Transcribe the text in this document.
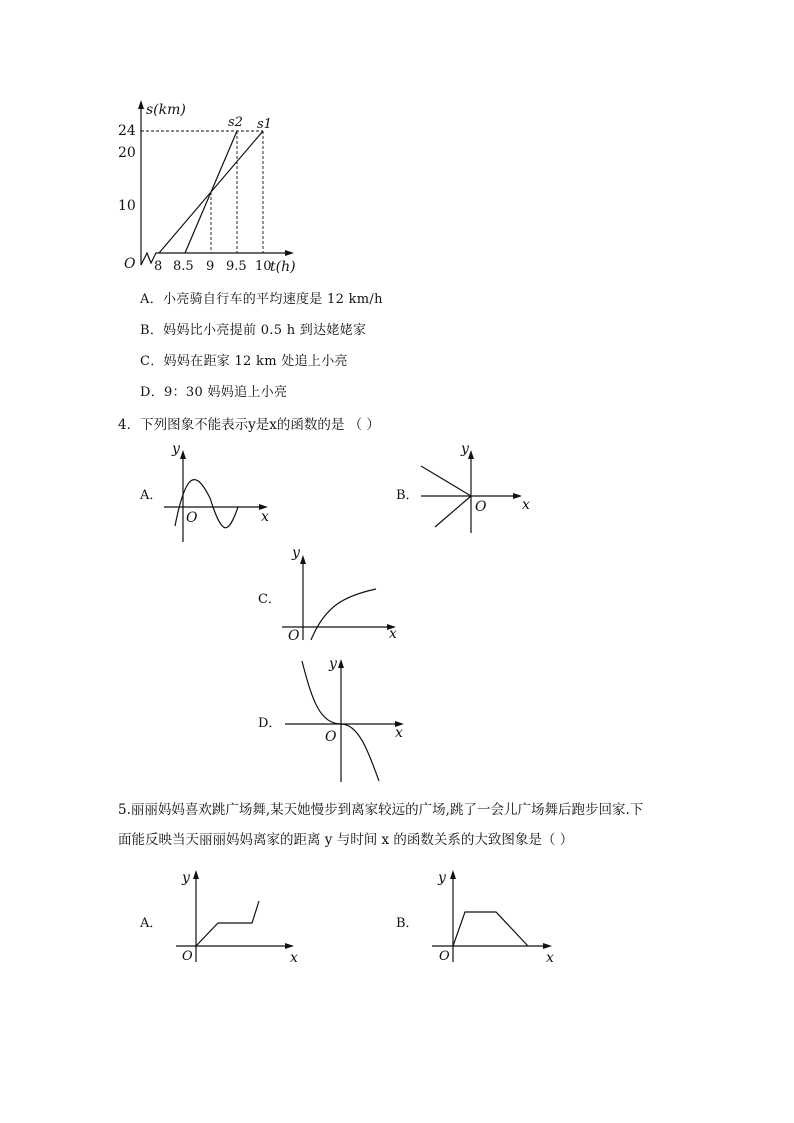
s(km)
24
20
10
O 8 8.5 9 9.5 10
t(h)
s2 s1
A．小亮骑自行车的平均速度是 12 km/h
B．妈妈比小亮提前 0.5 h 到达姥姥家
C．妈妈在距家 12 km 处追上小亮
D．9：30 妈妈追上小亮
4．下列图象不能表示y是x的函数的是 （ ）
A．
y
O	x
B．
y
O	x
C．
y
O	x
D．
y
O	x
5.丽丽妈妈喜欢跳广场舞,某天她慢步到离家较远的广场,跳了一会儿广场舞后跑步回家.下
面能反映当天丽丽妈妈离家的距离 y 与时间 x 的函数关系的大致图象是（ ）
A．
y
O	x
B．
y
O	x
